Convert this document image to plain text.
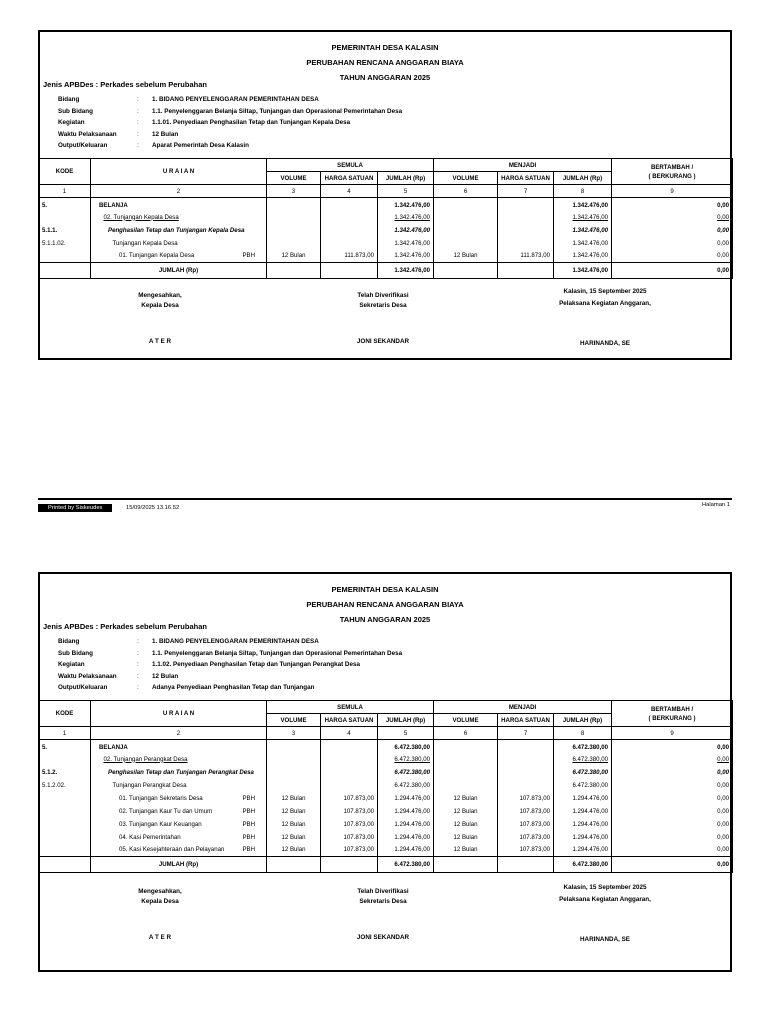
PEMERINTAH DESA KALASIN
PERUBAHAN RENCANA ANGGARAN BIAYA
TAHUN ANGGARAN 2025
Jenis APBDes : Perkades sebelum Perubahan
Bidang	:	1. BIDANG PENYELENGGARAN PEMERINTAHAN DESA
Sub Bidang	:	1.1. Penyelenggaran Belanja Siltap, Tunjangan dan Operasional Pemerintahan Desa
Kegiatan	:	1.1.01. Penyediaan Penghasilan Tetap dan Tunjangan Kepala Desa
Waktu Pelaksanaan	:	12 Bulan
Output/Keluaran	:	Aparat Pemerintah Desa Kalasin
KODE	U R A I A N	SEMULA			MENJADI			BERTAMBAH /
( BERKURANG )

		VOLUME	HARGA SATUAN	JUMLAH (Rp)	VOLUME	HARGA SATUAN	JUMLAH (Rp)	
1	2	3	4	5	6	7	8	9
5.	BELANJA			1.342.476,00			1.342.476,00	0,00
	02. Tunjangan Kepala Desa			1.342.476,00			1.342.476,00	0,00
5.1.1.	Penghasilan Tetap dan Tunjangan Kepala Desa			1.342.476,00			1.342.476,00	0,00
5.1.1.02.	Tunjangan Kepala Desa			1.342.476,00			1.342.476,00	0,00
	01. Tunjangan Kepala Desa PBH	12 Bulan	111.873,00	1.342.476,00	12 Bulan	111.873,00	1.342.476,00	0,00
	JUMLAH (Rp)			1.342.476,00			1.342.476,00	0,00
Mengesahkan,
Kepala Desa
A T E R
Telah Diverifikasi
Sekretaris Desa
JONI SEKANDAR
Kalasin, 15 September 2025
Pelaksana Kegiatan Anggaran,
HARINANDA, SE
PEMERINTAH DESA KALASIN
PERUBAHAN RENCANA ANGGARAN BIAYA
TAHUN ANGGARAN 2025
Jenis APBDes : Perkades sebelum Perubahan
Bidang	:	1. BIDANG PENYELENGGARAN PEMERINTAHAN DESA
Sub Bidang	:	1.1. Penyelenggaran Belanja Siltap, Tunjangan dan Operasional Pemerintahan Desa
Kegiatan	:	1.1.02. Penyediaan Penghasilan Tetap dan Tunjangan Perangkat Desa
Waktu Pelaksanaan	:	12 Bulan
Output/Keluaran	:	Adanya Penyediaan Penghasilan Tetap dan Tunjangan
KODE	U R A I A N	SEMULA			MENJADI			BERTAMBAH /
( BERKURANG )

		VOLUME	HARGA SATUAN	JUMLAH (Rp)	VOLUME	HARGA SATUAN	JUMLAH (Rp)	
1	2	3	4	5	6	7	8	9
5.	BELANJA			6.472.380,00			6.472.380,00	0,00
	02. Tunjangan Perangkat Desa			6.472.380,00			6.472.380,00	0,00
5.1.2.	Penghasilan Tetap dan Tunjangan Perangkat Desa			6.472.380,00			6.472.380,00	0,00
5.1.2.02.	Tunjangan Perangkat Desa			6.472.380,00			6.472.380,00	0,00
	01. Tunjangan Sekretaris Desa PBH	12 Bulan	107.873,00	1.294.476,00	12 Bulan	107.873,00	1.294.476,00	0,00
	02. Tunjangan Kaur Tu dan Umum PBH	12 Bulan	107.873,00	1.294.476,00	12 Bulan	107.873,00	1.294.476,00	0,00
	03. Tunjangan Kaur Keuangan PBH	12 Bulan	107.873,00	1.294.476,00	12 Bulan	107.873,00	1.294.476,00	0,00
	04. Kasi Pemerintahan PBH	12 Bulan	107.873,00	1.294.476,00	12 Bulan	107.873,00	1.294.476,00	0,00
	05. Kasi Kesejahteraan dan Pelayanan PBH	12 Bulan	107.873,00	1.294.476,00	12 Bulan	107.873,00	1.294.476,00	0,00
	JUMLAH (Rp)			6.472.380,00			6.472.380,00	0,00
Mengesahkan,
Kepala Desa
A T E R
Telah Diverifikasi
Sekretaris Desa
JONI SEKANDAR
Kalasin, 15 September 2025
Pelaksana Kegiatan Anggaran,
HARINANDA, SE
Printed by Siskeudes	15/09/2025 13.16.52	Halaman 1
